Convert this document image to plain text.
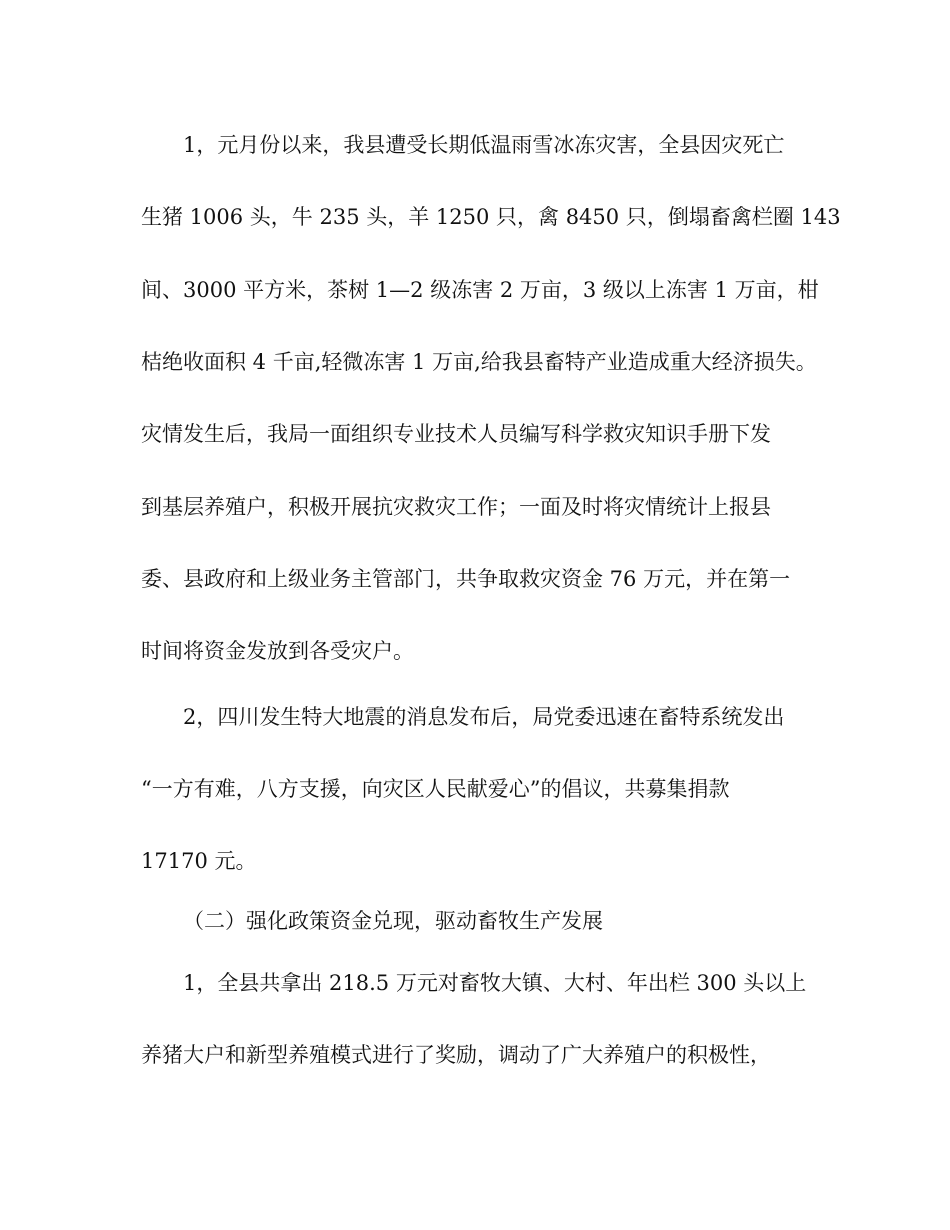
1，元月份以来，我县遭受长期低温雨雪冰冻灾害，全县因灾死亡
生猪 1006 头，牛 235 头，羊 1250 只，禽 8450 只，倒塌畜禽栏圈 143
间、3000 平方米，茶树 1—2 级冻害 2 万亩，3 级以上冻害 1 万亩，柑
桔绝收面积 4 千亩,轻微冻害 1 万亩,给我县畜特产业造成重大经济损失。
灾情发生后，我局一面组织专业技术人员编写科学救灾知识手册下发
到基层养殖户，积极开展抗灾救灾工作；一面及时将灾情统计上报县
委、县政府和上级业务主管部门，共争取救灾资金 76 万元，并在第一
时间将资金发放到各受灾户。
2，四川发生特大地震的消息发布后，局党委迅速在畜特系统发出
“一方有难，八方支援，向灾区人民献爱心”的倡议，共募集捐款
17170 元。
（二）强化政策资金兑现，驱动畜牧生产发展
1，全县共拿出 218.5 万元对畜牧大镇、大村、年出栏 300 头以上
养猪大户和新型养殖模式进行了奖励，调动了广大养殖户的积极性，
